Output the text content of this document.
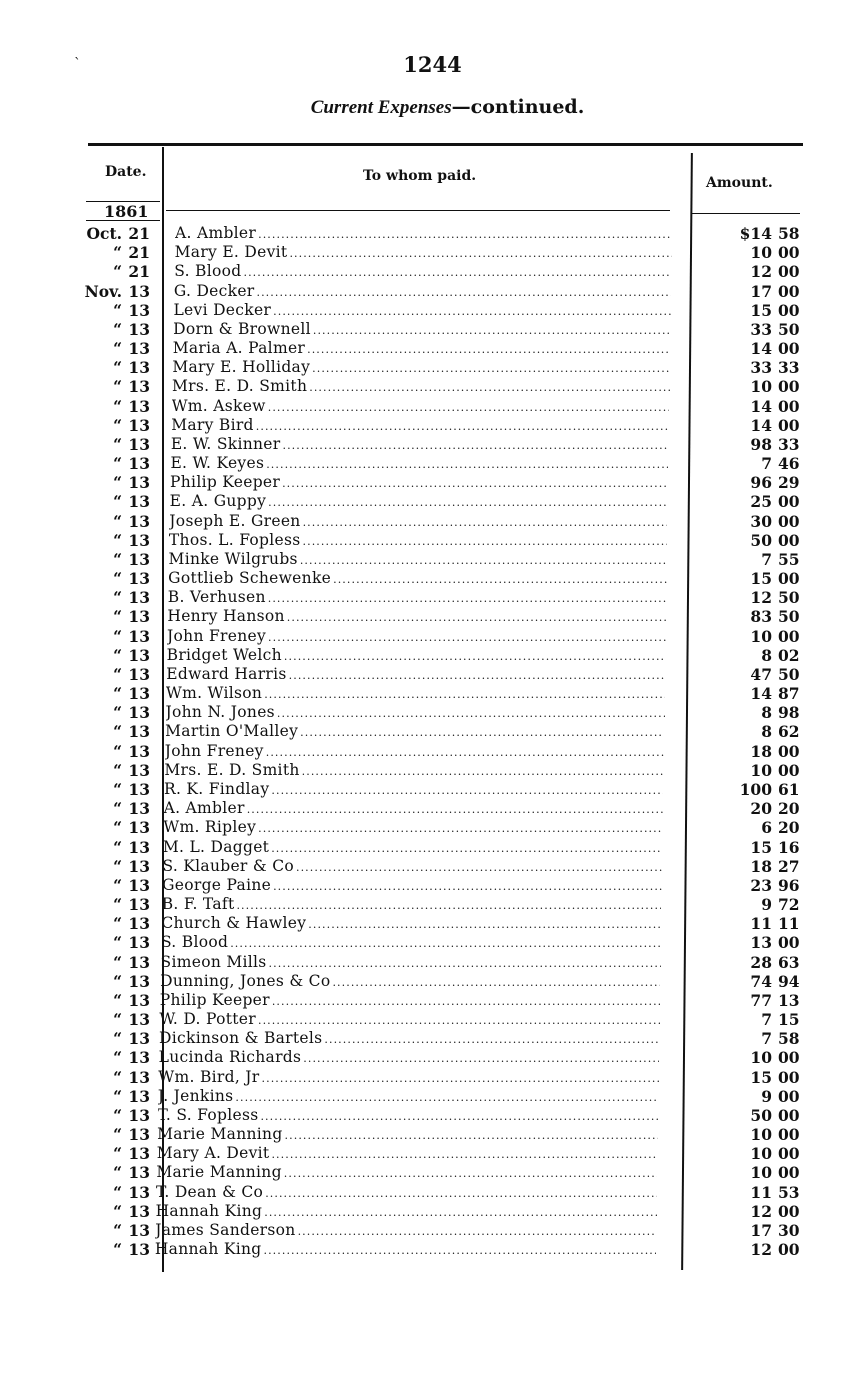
`	1244
Current Expenses—continued.
Date.	To whom paid.	Amount.
1861
Oct. 21 A. Ambler . . .	$14 58
“ 21 Mary E. Devit . . .	10 00
“ 21 S. Blood . . .	12 00
Nov. 13 G. Decker . . .	17 00
“ 13 Levi Decker . . .	15 00
“ 13 Dorn & Brownell . . .	33 50
“ 13 Maria A. Palmer . . .	14 00
“ 13 Mary E. Holliday . . .	33 33
“ 13 Mrs. E. D. Smith . . .	10 00
“ 13 Wm. Askew . . .	14 00
“ 13 Mary Bird . . .	14 00
“ 13 E. W. Skinner . . .	98 33
“ 13 E. W. Keyes . . .	7 46
“ 13 Philip Keeper . . .	96 29
“ 13 E. A. Guppy . . .	25 00
“ 13 Joseph E. Green . . .	30 00
“ 13 Thos. L. Fopless . . .	50 00
“ 13 Minke Wilgrubs . . .	7 55
“ 13 Gottlieb Schewenke . . .	15 00
“ 13 B. Verhusen . . .	12 50
“ 13 Henry Hanson . . .	83 50
“ 13 John Freney . . .	10 00
“ 13 Bridget Welch . . .	8 02
“ 13 Edward Harris . . .	47 50
“ 13 Wm. Wilson . . .	14 87
“ 13 John N. Jones . . .	8 98
“ 13 Martin O'Malley . . .	8 62
“ 13 John Freney . . .	18 00
“ 13 Mrs. E. D. Smith . . .	10 00
“ 13 R. K. Findlay . . .	100 61
“ 13 A. Ambler . . .	20 20
“ 13 Wm. Ripley . . .	6 20
“ 13 M. L. Dagget . . .	15 16
“ 13 S. Klauber & Co . . .	18 27
“ 13 George Paine . . .	23 96
“ 13 B. F. Taft . . .	9 72
“ 13 Church & Hawley . . .	11 11
“ 13 S. Blood . . .	13 00
“ 13 Simeon Mills . . .	28 63
“ 13 Dunning, Jones & Co . . .	74 94
“ 13 Philip Keeper . . .	77 13
“ 13 W. D. Potter . . .	7 15
“ 13 Dickinson & Bartels . . .	7 58
“ 13 Lucinda Richards . . .	10 00
“ 13 Wm. Bird, Jr . . .	15 00
“ 13 J. Jenkins . . .	9 00
“ 13 T. S. Fopless . . .	50 00
“ 13 Marie Manning . . .	10 00
“ 13 Mary A. Devit . . .	10 00
“ 13 Marie Manning . . .	10 00
“ 13 T. Dean & Co . . .	11 53
“ 13 Hannah King . . .	12 00
“ 13 James Sanderson . . .	17 30
“ 13 Hannah King . . .	12 00
